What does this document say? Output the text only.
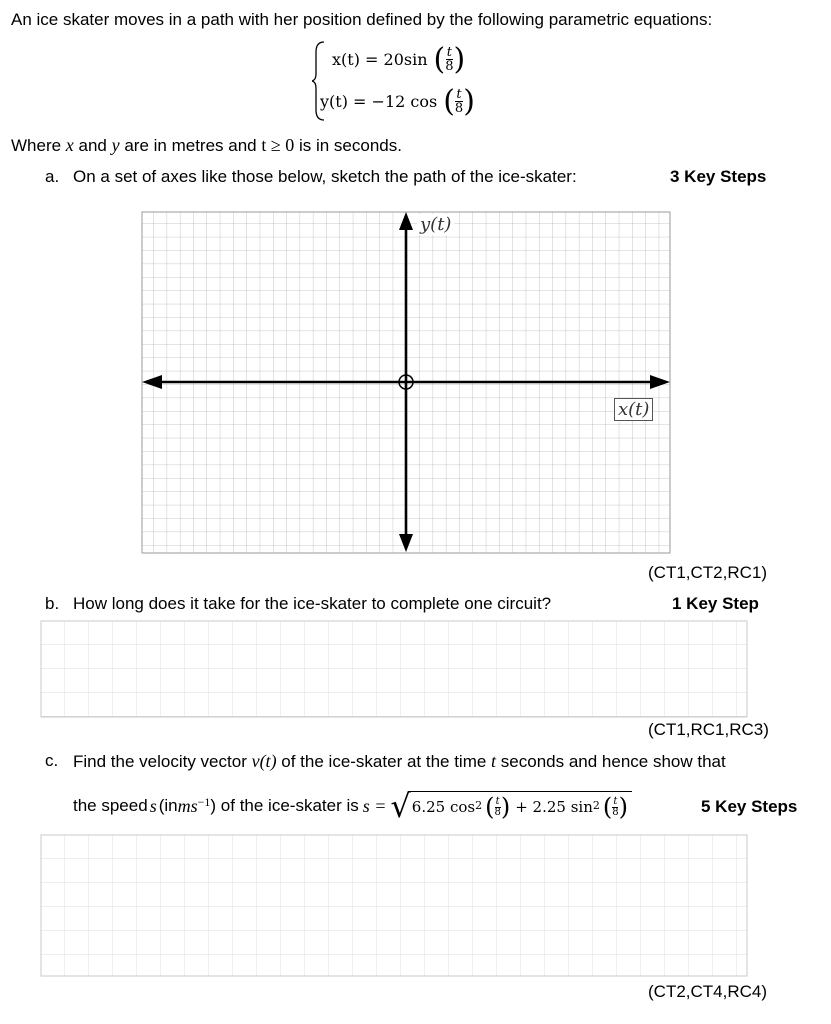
An ice skater moves in a path with her position defined by the following parametric equations:
x(t) = 20sin ( $\frac{t}{8}$ )
y(t) = −12 cos ( $\frac{t}{8}$ )
Where x and y are in metres and t ≥ 0 is in seconds.
a. On a set of axes like those below, sketch the path of the ice-skater:	3 Key Steps
y(t)
x(t)
(CT1,CT2,RC1)
b. How long does it take for the ice-skater to complete one circuit?	1 Key Step
(CT1,RC1,RC3)
c. Find the velocity vector v(t) of the ice-skater at the time t seconds and hence show that
the speed s (in $ms^{-1}$ ) of the ice-skater is s = √ 6.25 $\cos^2$ ( $\frac{t}{8}$ ) + 2.25 $\sin^2$ ( $\frac{t}{8}$ )	5 Key Steps
(CT2,CT4,RC4)
